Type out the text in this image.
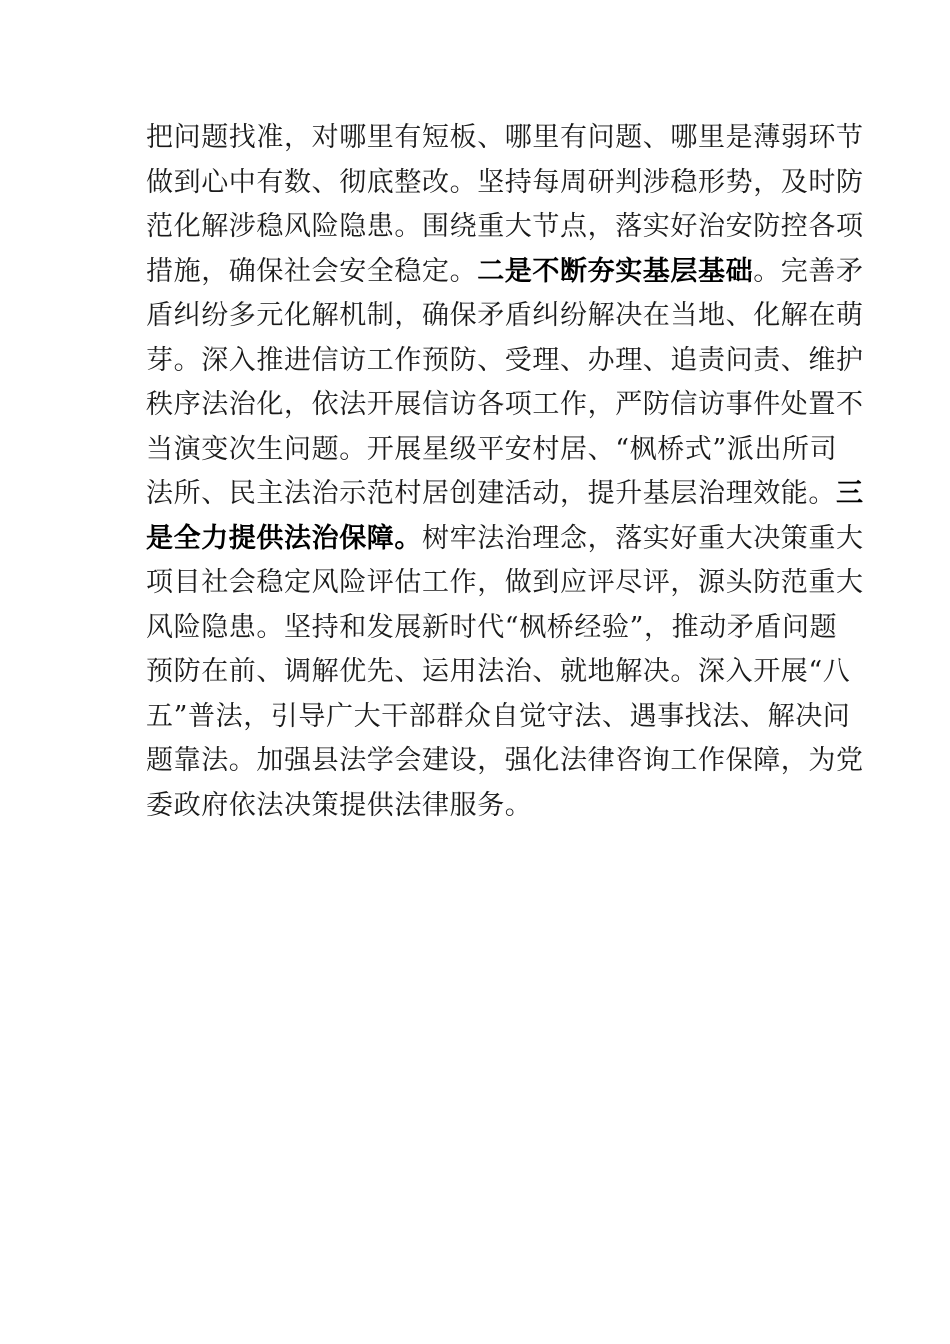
把问题找准，对哪里有短板、哪里有问题、哪里是薄弱环节
做到心中有数、彻底整改。坚持每周研判涉稳形势，及时防
范化解涉稳风险隐患。围绕重大节点，落实好治安防控各项
措施，确保社会安全稳定。二是不断夯实基层基础。完善矛
盾纠纷多元化解机制，确保矛盾纠纷解决在当地、化解在萌
芽。深入推进信访工作预防、受理、办理、追责问责、维护
秩序法治化，依法开展信访各项工作，严防信访事件处置不
当演变次生问题。开展星级平安村居、“枫桥式”派出所司
法所、民主法治示范村居创建活动，提升基层治理效能。三
是全力提供法治保障。树牢法治理念，落实好重大决策重大
项目社会稳定风险评估工作，做到应评尽评，源头防范重大
风险隐患。坚持和发展新时代“枫桥经验”，推动矛盾问题
预防在前、调解优先、运用法治、就地解决。深入开展“八
五”普法，引导广大干部群众自觉守法、遇事找法、解决问
题靠法。加强县法学会建设，强化法律咨询工作保障，为党
委政府依法决策提供法律服务。
